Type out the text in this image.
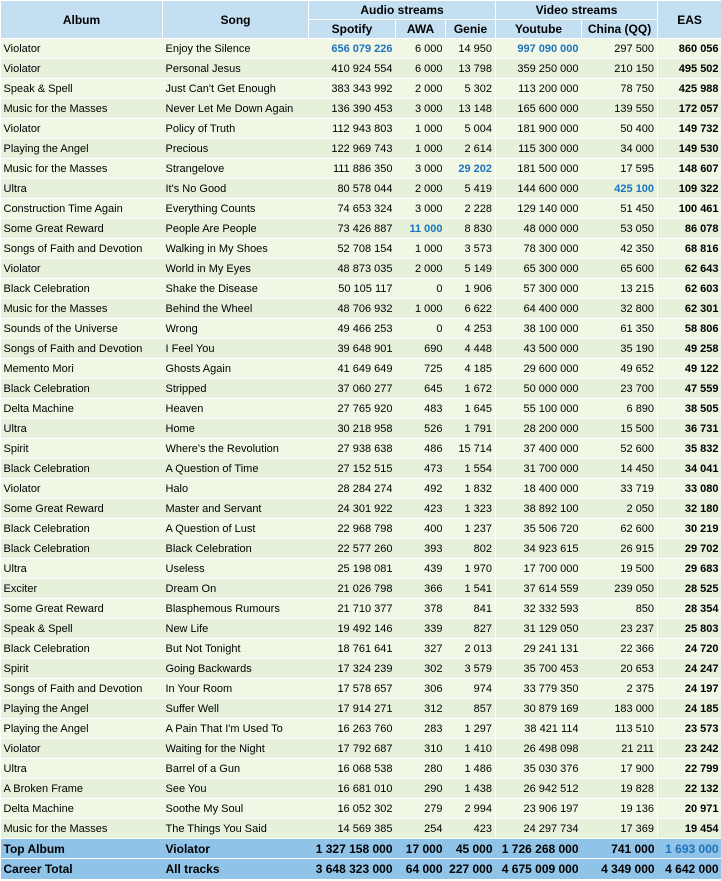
Album	Song	Audio streams			Video streams		EAS
		Spotify	AWA	Genie	Youtube	China (QQ)	
Violator	Enjoy the Silence	656 079 226	6 000	14 950	997 090 000	297 500	860 056
Violator	Personal Jesus	410 924 554	6 000	13 798	359 250 000	210 150	495 502
Speak & Spell	Just Can't Get Enough	383 343 992	2 000	5 302	113 200 000	78 750	425 988
Music for the Masses	Never Let Me Down Again	136 390 453	3 000	13 148	165 600 000	139 550	172 057
Violator	Policy of Truth	112 943 803	1 000	5 004	181 900 000	50 400	149 732
Playing the Angel	Precious	122 969 743	1 000	2 614	115 300 000	34 000	149 530
Music for the Masses	Strangelove	111 886 350	3 000	29 202	181 500 000	17 595	148 607
Ultra	It's No Good	80 578 044	2 000	5 419	144 600 000	425 100	109 322
Construction Time Again	Everything Counts	74 653 324	3 000	2 228	129 140 000	51 450	100 461
Some Great Reward	People Are People	73 426 887	11 000	8 830	48 000 000	53 050	86 078
Songs of Faith and Devotion	Walking in My Shoes	52 708 154	1 000	3 573	78 300 000	42 350	68 816
Violator	World in My Eyes	48 873 035	2 000	5 149	65 300 000	65 600	62 643
Black Celebration	Shake the Disease	50 105 117	0	1 906	57 300 000	13 215	62 603
Music for the Masses	Behind the Wheel	48 706 932	1 000	6 622	64 400 000	32 800	62 301
Sounds of the Universe	Wrong	49 466 253	0	4 253	38 100 000	61 350	58 806
Songs of Faith and Devotion	I Feel You	39 648 901	690	4 448	43 500 000	35 190	49 258
Memento Mori	Ghosts Again	41 649 649	725	4 185	29 600 000	49 652	49 122
Black Celebration	Stripped	37 060 277	645	1 672	50 000 000	23 700	47 559
Delta Machine	Heaven	27 765 920	483	1 645	55 100 000	6 890	38 505
Ultra	Home	30 218 958	526	1 791	28 200 000	15 500	36 731
Spirit	Where's the Revolution	27 938 638	486	15 714	37 400 000	52 600	35 832
Black Celebration	A Question of Time	27 152 515	473	1 554	31 700 000	14 450	34 041
Violator	Halo	28 284 274	492	1 832	18 400 000	33 719	33 080
Some Great Reward	Master and Servant	24 301 922	423	1 323	38 892 100	2 050	32 180
Black Celebration	A Question of Lust	22 968 798	400	1 237	35 506 720	62 600	30 219
Black Celebration	Black Celebration	22 577 260	393	802	34 923 615	26 915	29 702
Ultra	Useless	25 198 081	439	1 970	17 700 000	19 500	29 683
Exciter	Dream On	21 026 798	366	1 541	37 614 559	239 050	28 525
Some Great Reward	Blasphemous Rumours	21 710 377	378	841	32 332 593	850	28 354
Speak & Spell	New Life	19 492 146	339	827	31 129 050	23 237	25 803
Black Celebration	But Not Tonight	18 761 641	327	2 013	29 241 131	22 366	24 720
Spirit	Going Backwards	17 324 239	302	3 579	35 700 453	20 653	24 247
Songs of Faith and Devotion	In Your Room	17 578 657	306	974	33 779 350	2 375	24 197
Playing the Angel	Suffer Well	17 914 271	312	857	30 879 169	183 000	24 185
Playing the Angel	A Pain That I'm Used To	16 263 760	283	1 297	38 421 114	113 510	23 573
Violator	Waiting for the Night	17 792 687	310	1 410	26 498 098	21 211	23 242
Ultra	Barrel of a Gun	16 068 538	280	1 486	35 030 376	17 900	22 799
A Broken Frame	See You	16 681 010	290	1 438	26 942 512	19 828	22 132
Delta Machine	Soothe My Soul	16 052 302	279	2 994	23 906 197	19 136	20 971
Music for the Masses	The Things You Said	14 569 385	254	423	24 297 734	17 369	19 454
Top Album	Violator	1 327 158 000	17 000	45 000	1 726 268 000	741 000	1 693 000
Career Total	All tracks	3 648 323 000	64 000	227 000	4 675 009 000	4 349 000	4 642 000
